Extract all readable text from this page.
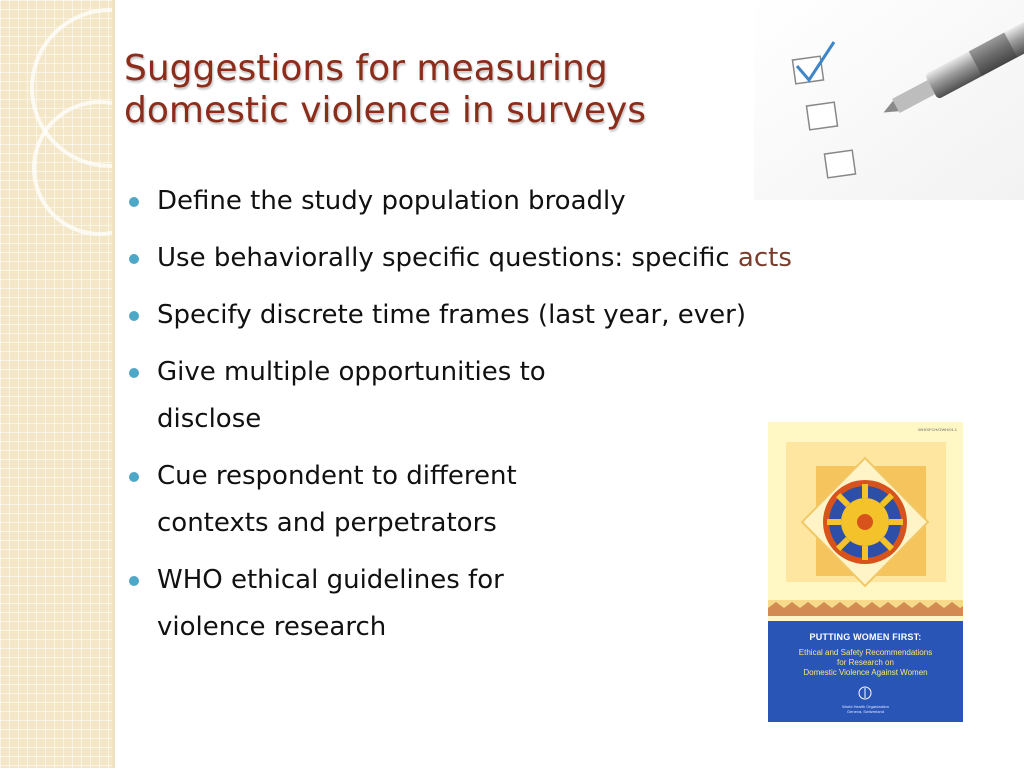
Suggestions for measuring
domestic violence in surveys
Define the study population broadly
Use behaviorally specific questions: specific acts
Specify discrete time frames (last year, ever)
Give multiple opportunities to
disclose
Cue respondent to different
contexts and perpetrators
WHO ethical guidelines for
violence research
WHO/FCH/GWH/01.1
PUTTING WOMEN FIRST:
Ethical and Safety Recommendations
for Research on
Domestic Violence Against Women
World Health Organization
Geneva, Switzerland
